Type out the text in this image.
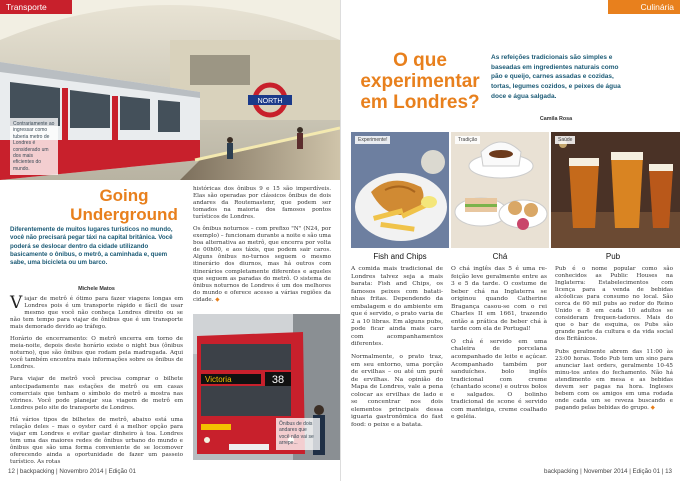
NORTH
Transporte
Contrariamente ao ingressar como tuberia metro de Londres é considerado um dos mais eficientes do mundo.
Going
Underground
Diferentemente de muitos lugares turísticos no mundo, você não precisará pegar táxi na capital britânica. Você poderá se deslocar dentro da cidade utilizando basicamente o ônibus, o metrô, a caminhada e, quem sabe, uma bicicleta ou um barco.
Michele Matos

Viajar de metrô é ótimo para fazer viagens longas em Londres pois é um transporte rápido e fácil de usar mesmo que você não conheça Londres direito ou se não tem tempo para viajar de ônibus que é um transporte mais demorado devido ao tráfego.

Horário de encerramento: O metrô encerra em torno de meia-noite, depois deste horário existe o night bus (ônibus noturno), que são ônibus que rodam pela madrugada. Aqui você também encontra mais informações sobre os ônibus de Londres.

Para viajar de metrô você precisa comprar o bilhete antecipadamente nas estações de metrô ou em casas comerciais que tenham o símbolo do metrô a mostra nas vitrines. Você pode planejar sua viagem de metrô em Londres pelo site do transporte de Londres.

Há vários tipos de bilhetes de metrô, abaixo está uma relação deles – mas o oyster card é a melhor opção para viajar em Londres e evitar gastar dinheiro à toa. Londres tem uma das maiores redes de ônibus urbano do mundo e ônibus que são uma forma conveniente de se locomover oferecendo ainda a oportunidade de fazer um passeio turístico. As rotas

históricas dos ônibus 9 e 15 são imperdíveis. Elas são operadas por clássicos ônibus de dois andares da Routemastenr, que podem ser tomados na maioria dos famosos pontos turísticos de Londres.

Os ônibus noturnos – com prefixo "N" (N24, por exemplo) – funcionam durante a noite e são uma boa alternativa ao metrô, que encerra por volta de 00h00, e aos táxis, que podem sair caros. Alguns ônibus no-turnos seguem o mesmo itinerário dos diurnos, mas há outros com itinerários completamente diferentes e aqueles que seguem as paradas do metrô. O sistema de ônibus noturnos de Londres é um dos melhores do mundo e oferece acesso a várias regiões da cidade. ◆

Victoria	38
Ônibus de dois andares que você não vai se arrepe...
12 | backpacking | Novembro 2014 | Edição 01
Culinária
O que
experimentar
em Londres?
As refeições tradicionais são simples e baseadas em ingredientes naturais como pão e queijo, carnes assadas e cozidas, tortas, legumes cozidos, e peixes de água doce e água salgada.
Camila Rosa
Experimente!	Tradição	Saúde
Fish and Chips	Chá	Pub

A comida mais tradicional de Londres talvez seja a mais barata: Fish and Chips, os famosos peixes com batati-nhas fritas. Dependendo da embalagem e do ambiente em que é servido, o prato varia de 2 a 10 libras. Em alguns pubs, pode ficar ainda mais caro com acompanhamentos diferentes.

Normalmente, o prato traz, em seu entorno, uma porção de ervilhas – ou até um purê de ervilhas. Na opinião do Mapa de Londres, vale a pena colocar as ervilhas de lado e se concentrar nos dois elementos principais dessa iguaria gastronômica do fast food: o peixe e a batata.

O chá inglês das 5 é uma re-feição leve geralmente entre as 3 e 5 da tarde. O costume de beber chá na Inglaterra se originou quando Catherine Bragança casou-se com o rei Charles II em 1661, trazendo então a prática de beber chá à tarde com ela de Portugal!

O chá é servido em uma chaleira de porcelana acompanhado de leite e açúcar. Acompanhado também por sanduíches. bolo inglês tradicional com creme (chantado scone) e outros bolos e salgados. O bolinho tradicional de scone é servido com manteiga, creme coalhado e geléia.

Pub é o nome popular como são conhecidos as Public Houses na Inglaterra: Estabelecimentos com licença para a venda de bebidas alcóolicas para consumo no local. São cerca de 60 mil pubs ao redor do Reino Unido e 8 em cada 10 adultos se consideram frequen-tadores. Mais do que o bar de esquina, os Pubs são grande parte da cultura e da vida social dos Britânicos.

Pubs geralmente abrem das 11:00 às 23:00 horas. Todo Pub tem um sino para anunciar last orders, geralmente 10-45 minu-tos antes do fechamento. Não há atendimento em mesa e as bebidas devem ser pagas na hora. Ingleses bebem com os amigos em uma rodada onde cada um se reveza buscando e pagando pelas bebidas do grupo. ◆

backpacking | November 2014 | Edição 01 | 13
